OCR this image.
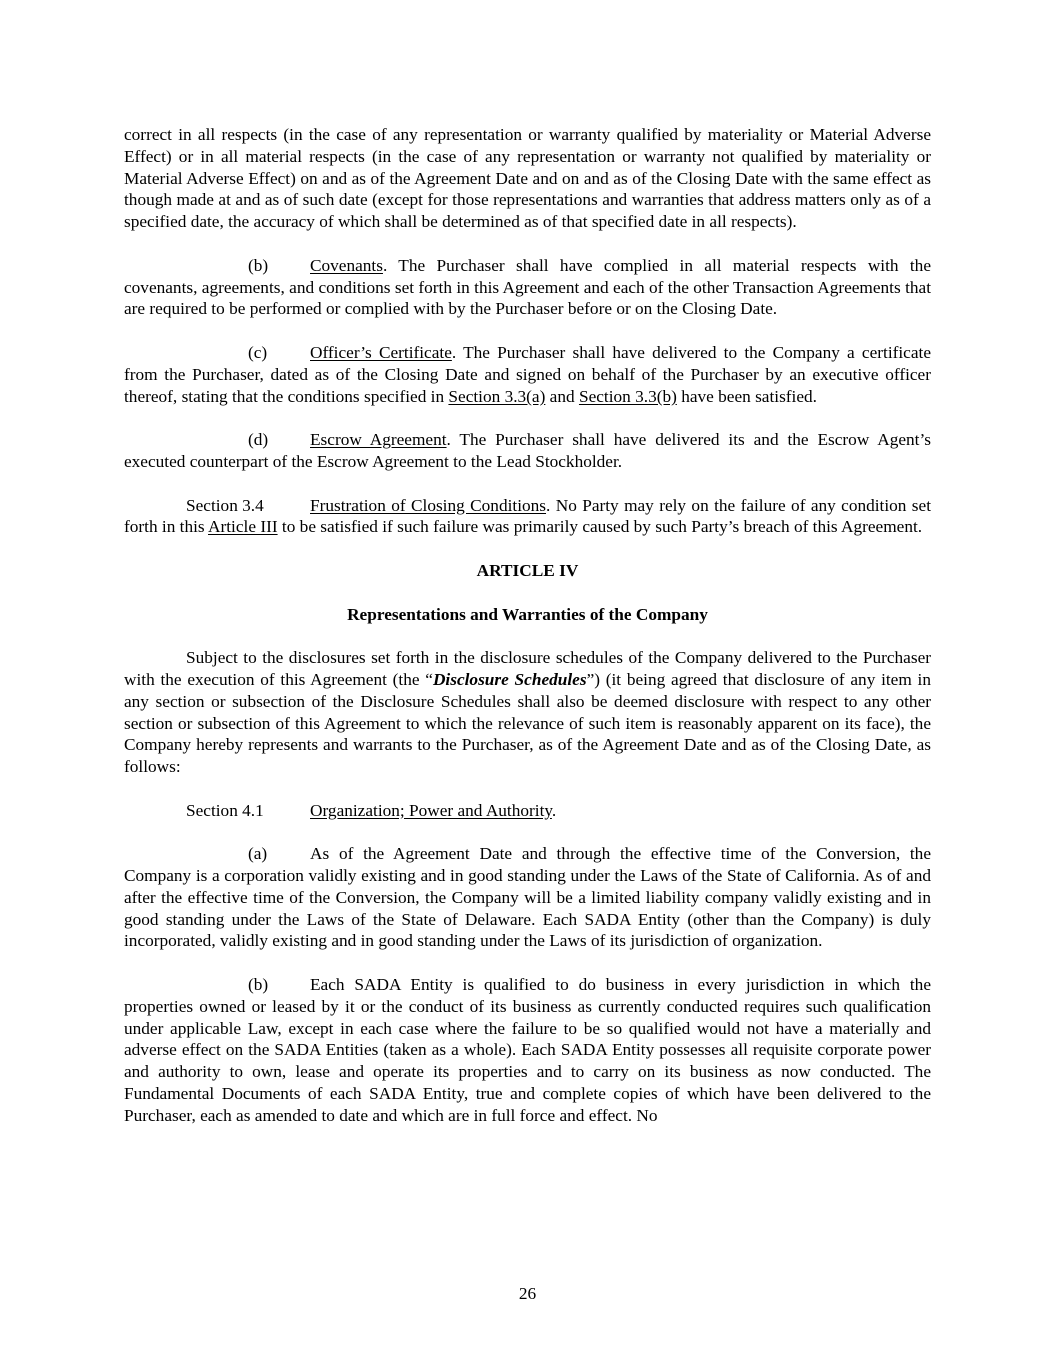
correct in all respects (in the case of any representation or warranty qualified by materiality or Material Adverse Effect) or in all material respects (in the case of any representation or warranty not qualified by materiality or Material Adverse Effect) on and as of the Agreement Date and on and as of the Closing Date with the same effect as though made at and as of such date (except for those representations and warranties that address matters only as of a specified date, the accuracy of which shall be determined as of that specified date in all respects).

(b) Covenants. The Purchaser shall have complied in all material respects with the covenants, agreements, and conditions set forth in this Agreement and each of the other Transaction Agreements that are required to be performed or complied with by the Purchaser before or on the Closing Date.

(c) Officer’s Certificate. The Purchaser shall have delivered to the Company a certificate from the Purchaser, dated as of the Closing Date and signed on behalf of the Purchaser by an executive officer thereof, stating that the conditions specified in Section 3.3(a) and Section 3.3(b) have been satisfied.

(d) Escrow Agreement. The Purchaser shall have delivered its and the Escrow Agent’s executed counterpart of the Escrow Agreement to the Lead Stockholder.

Section 3.4	Frustration of Closing Conditions. No Party may rely on the failure of any condition set forth in this Article III to be satisfied if such failure was primarily caused by such Party’s breach of this Agreement.

ARTICLE IV

Representations and Warranties of the Company

Subject to the disclosures set forth in the disclosure schedules of the Company delivered to the Purchaser with the execution of this Agreement (the “Disclosure Schedules”) (it being agreed that disclosure of any item in any section or subsection of the Disclosure Schedules shall also be deemed disclosure with respect to any other section or subsection of this Agreement to which the relevance of such item is reasonably apparent on its face), the Company hereby represents and warrants to the Purchaser, as of the Agreement Date and as of the Closing Date, as follows:

Section 4.1	Organization; Power and Authority.

(a) As of the Agreement Date and through the effective time of the Conversion, the Company is a corporation validly existing and in good standing under the Laws of the State of California. As of and after the effective time of the Conversion, the Company will be a limited liability company validly existing and in good standing under the Laws of the State of Delaware. Each SADA Entity (other than the Company) is duly incorporated, validly existing and in good standing under the Laws of its jurisdiction of organization.

(b) Each SADA Entity is qualified to do business in every jurisdiction in which the properties owned or leased by it or the conduct of its business as currently conducted requires such qualification under applicable Law, except in each case where the failure to be so qualified would not have a materially and adverse effect on the SADA Entities (taken as a whole). Each SADA Entity possesses all requisite corporate power and authority to own, lease and operate its properties and to carry on its business as now conducted. The Fundamental Documents of each SADA Entity, true and complete copies of which have been delivered to the Purchaser, each as amended to date and which are in full force and effect. No

26
